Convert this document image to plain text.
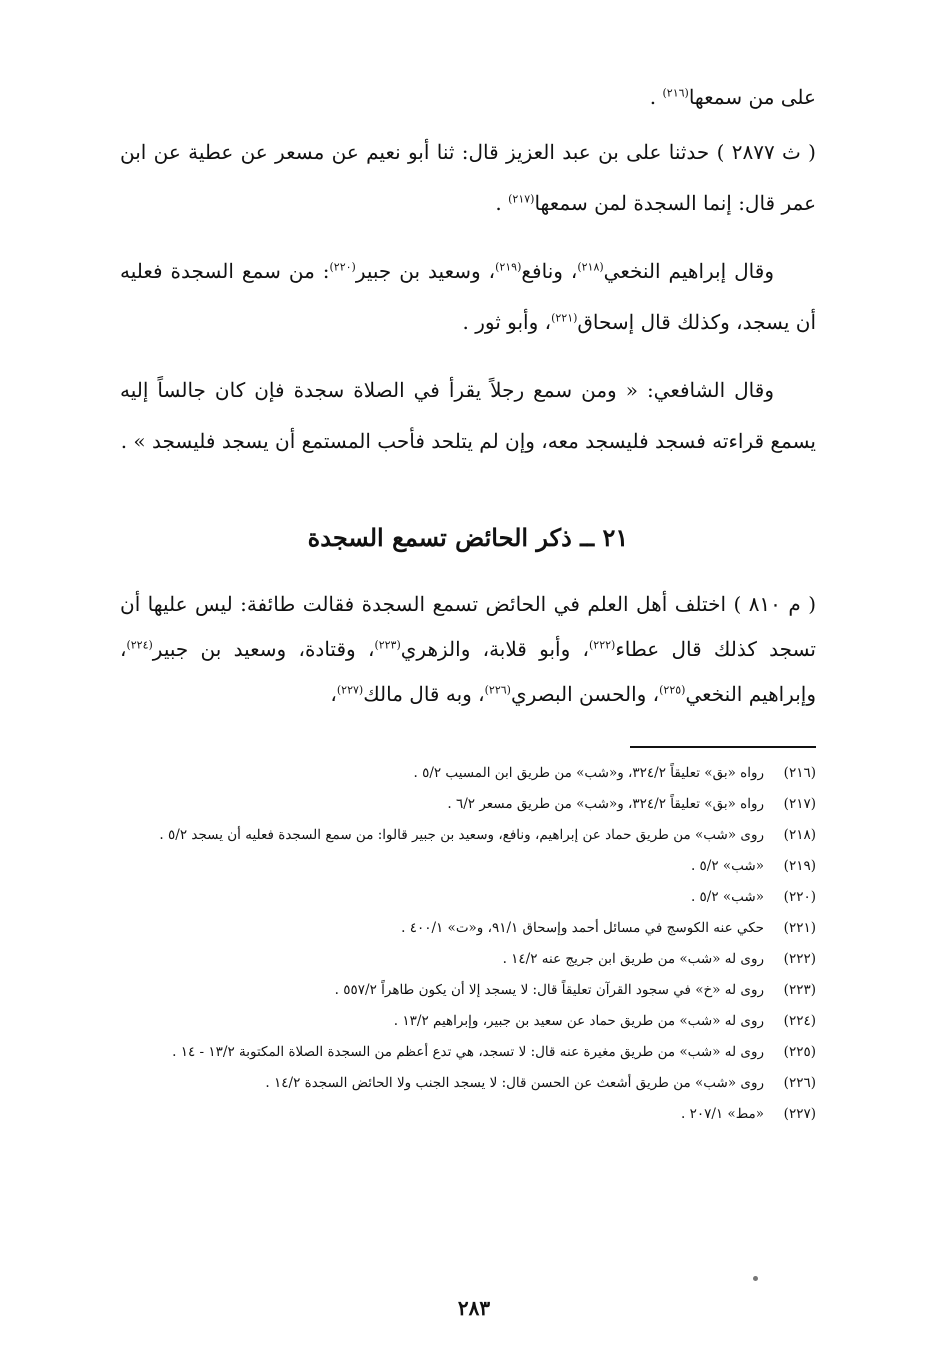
على من سمعها$^{(٢١٦)}$ .

( ث ٢٨٧٧ ) حدثنا على بن عبد العزيز قال: ثنا أبو نعيم عن مسعر عن عطية عن ابن عمر قال: إنما السجدة لمن سمعها$^{(٢١٧)}$ .

وقال إبراهيم النخعي$^{(٢١٨)}$، ونافع$^{(٢١٩)}$، وسعيد بن جبير$^{(٢٢٠)}$: من سمع السجدة فعليه أن يسجد، وكذلك قال إسحاق$^{(٢٢١)}$، وأبو ثور .

وقال الشافعي: « ومن سمع رجلاً يقرأ في الصلاة سجدة فإن كان جالساً إليه يسمع قراءته فسجد فليسجد معه، وإن لم يتلحد فأحب المستمع أن يسجد فليسجد » .

٢١ ــ ذكر الحائض تسمع السجدة

( م ٨١٠ ) اختلف أهل العلم في الحائض تسمع السجدة فقالت طائفة: ليس عليها أن تسجد كذلك قال عطاء$^{(٢٢٢)}$، وأبو قلابة، والزهري$^{(٢٢٣)}$، وقتادة، وسعيد بن جبير$^{(٢٢٤)}$، وإبراهيم النخعي$^{(٢٢٥)}$، والحسن البصري$^{(٢٢٦)}$، وبه قال مالك$^{(٢٢٧)}$،

(٢١٦)
رواه «بق» تعليقاً ٣٢٤/٢، و«شب» من طريق ابن المسيب ٥/٢ .
(٢١٧)
رواه «بق» تعليقاً ٣٢٤/٢، و«شب» من طريق مسعر ٦/٢ .
(٢١٨)
روى «شب» من طريق حماد عن إبراهيم، ونافع، وسعيد بن جبير قالوا: من سمع السجدة فعليه أن يسجد ٥/٢ .
(٢١٩)
«شب» ٥/٢ .
(٢٢٠)
«شب» ٥/٢ .
(٢٢١)
حكي عنه الكوسج في مسائل أحمد وإسحاق ٩١/١، و«ت» ٤٠٠/١ .
(٢٢٢)
روى له «شب» من طريق ابن جريج عنه ١٤/٢ .
(٢٢٣)
روى له «خ» في سجود القرآن تعليقاً قال: لا يسجد إلا أن يكون طاهراً ٥٥٧/٢ .
(٢٢٤)
روى له «شب» من طريق حماد عن سعيد بن جبير، وإبراهيم ١٣/٢ .
(٢٢٥)
روى له «شب» من طريق مغيرة عنه قال: لا تسجد، هي تدع أعظم من السجدة الصلاة المكتوبة ١٣/٢ - ١٤ .
(٢٢٦)
روى «شب» من طريق أشعث عن الحسن قال: لا يسجد الجنب ولا الحائض السجدة ١٤/٢ .
(٢٢٧)
«مط» ٢٠٧/١ .
٢٨٣
